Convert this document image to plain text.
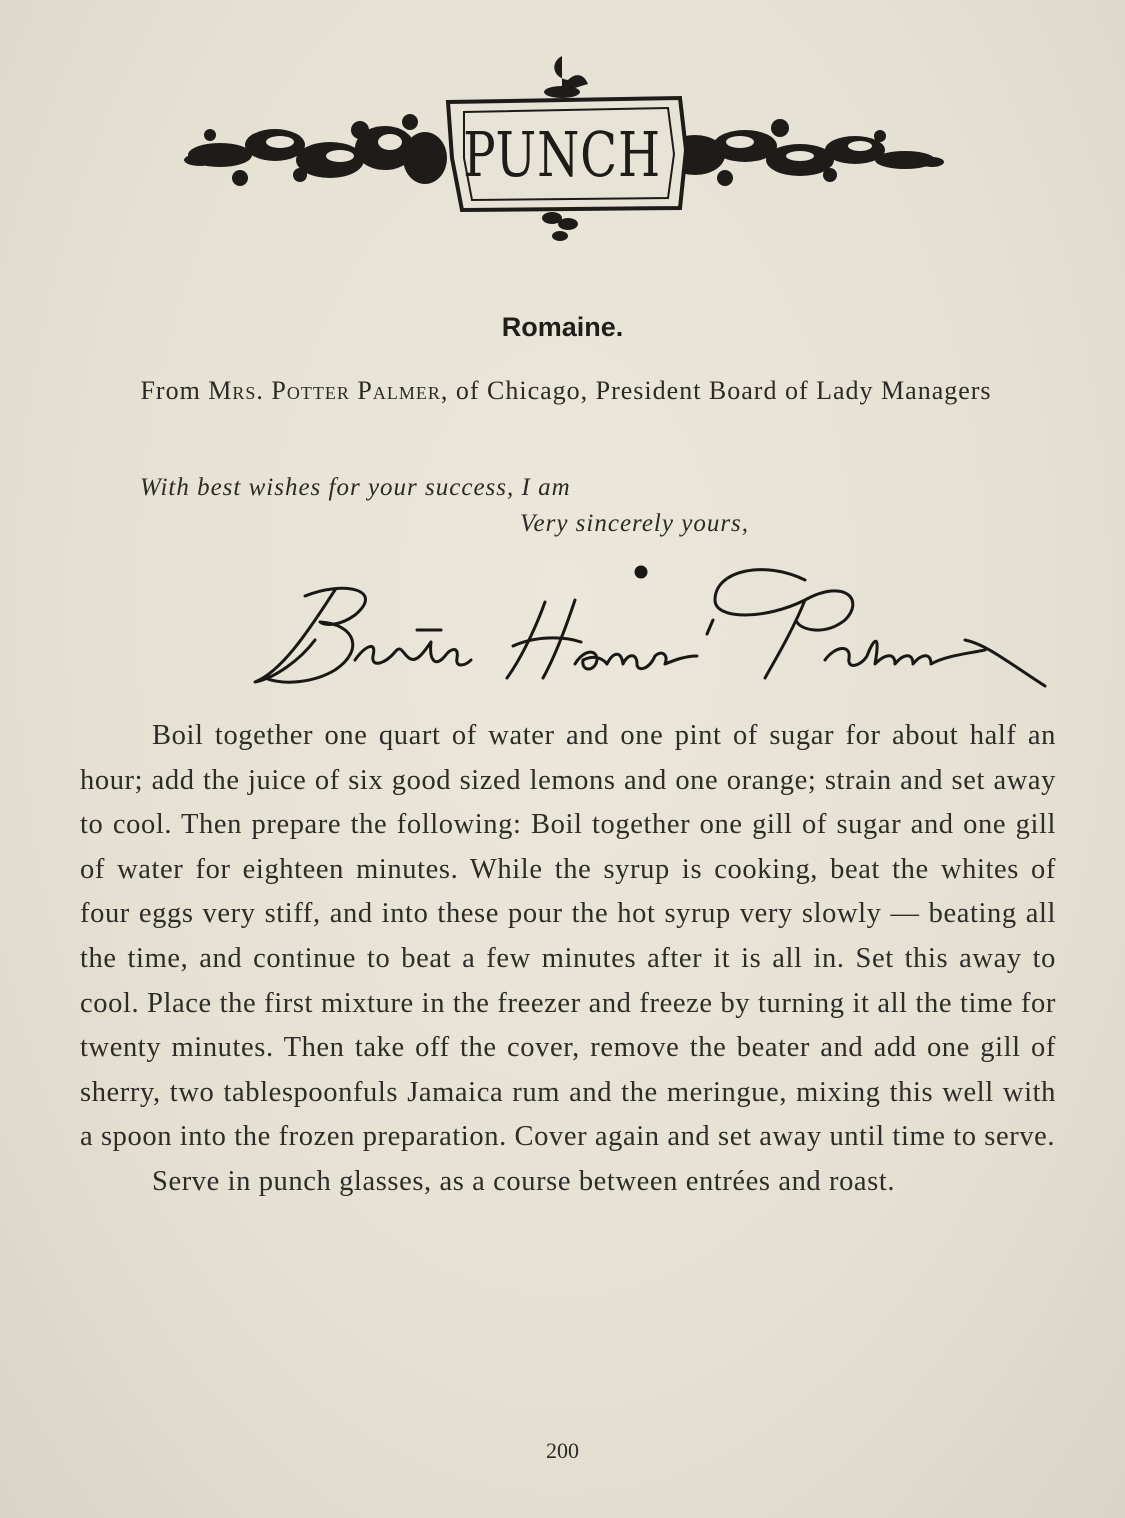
PUNCH
Romaine.
From Mrs. Potter Palmer, of Chicago, President Board of Lady Managers
With best wishes for your success, I am
Very sincerely yours,

Boil together one quart of water and one pint of sugar for about half an hour; add the juice of six good sized lemons and one orange; strain and set away to cool. Then prepare the following: Boil together one gill of sugar and one gill of water for eighteen minutes. While the syrup is cooking, beat the whites of four eggs very stiff, and into these pour the hot syrup very slowly — beating all the time, and continue to beat a few minutes after it is all in. Set this away to cool. Place the first mixture in the freezer and freeze by turning it all the time for twenty minutes. Then take off the cover, remove the beater and add one gill of sherry, two tablespoonfuls Jamaica rum and the meringue, mixing this well with a spoon into the frozen preparation. Cover again and set away until time to serve.

Serve in punch glasses, as a course between entrées and roast.

200
